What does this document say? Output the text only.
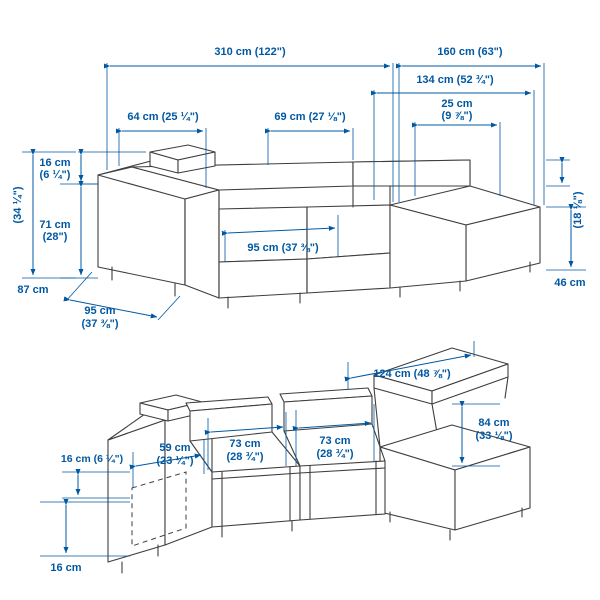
310 cm (122")	160 cm (63")
64 cm (25 ¼")	69 cm (27 ⅛")
134 cm (52 ¾")
25 cm
(9 ⅞")
16 cm
(6 ¼")
71 cm
(28")
(34 ¼")
87 cm
95 cm (37 ⅜")
95 cm
(37 ⅜")
(18 ⅛")
46 cm
124 cm (48 ⅞")
73 cm
(28 ¾")
73 cm
(28 ¾")
84 cm
(33 ⅛")
59 cm
(23 ¼")
16 cm (6 ¼")
16 cm
